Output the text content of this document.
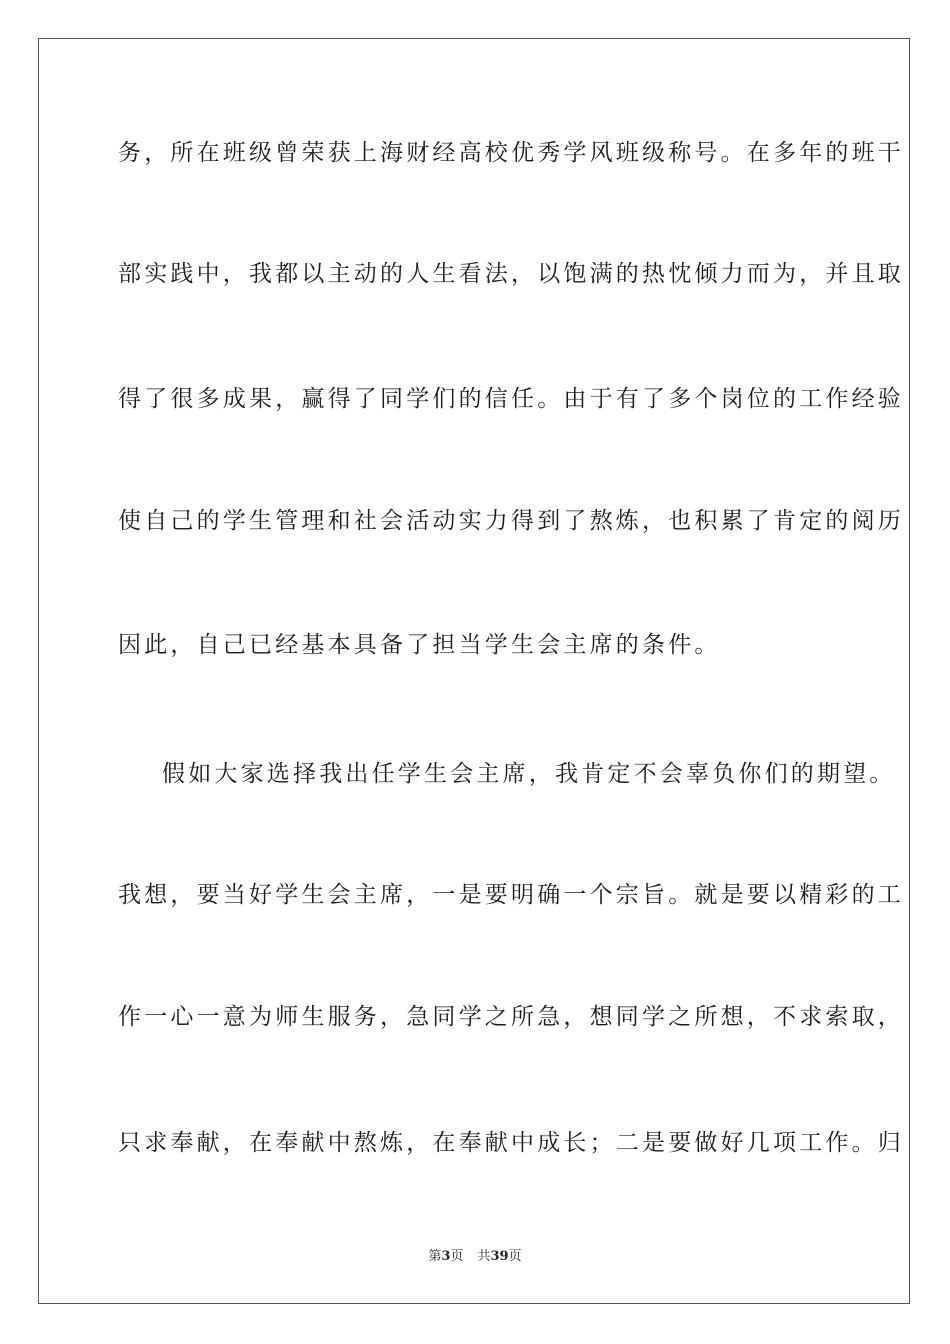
务，所在班级曾荣获上海财经高校优秀学风班级称号。在多年的班干
部实践中，我都以主动的人生看法，以饱满的热忱倾力而为，并且取
得了很多成果，赢得了同学们的信任。由于有了多个岗位的工作经验
使自己的学生管理和社会活动实力得到了熬炼，也积累了肯定的阅历
因此，自己已经基本具备了担当学生会主席的条件。
假如大家选择我出任学生会主席，我肯定不会辜负你们的期望。
我想，要当好学生会主席，一是要明确一个宗旨。就是要以精彩的工
作一心一意为师生服务，急同学之所急，想同学之所想，不求索取，
只求奉献，在奉献中熬炼，在奉献中成长；二是要做好几项工作。归
第3页 共39页
